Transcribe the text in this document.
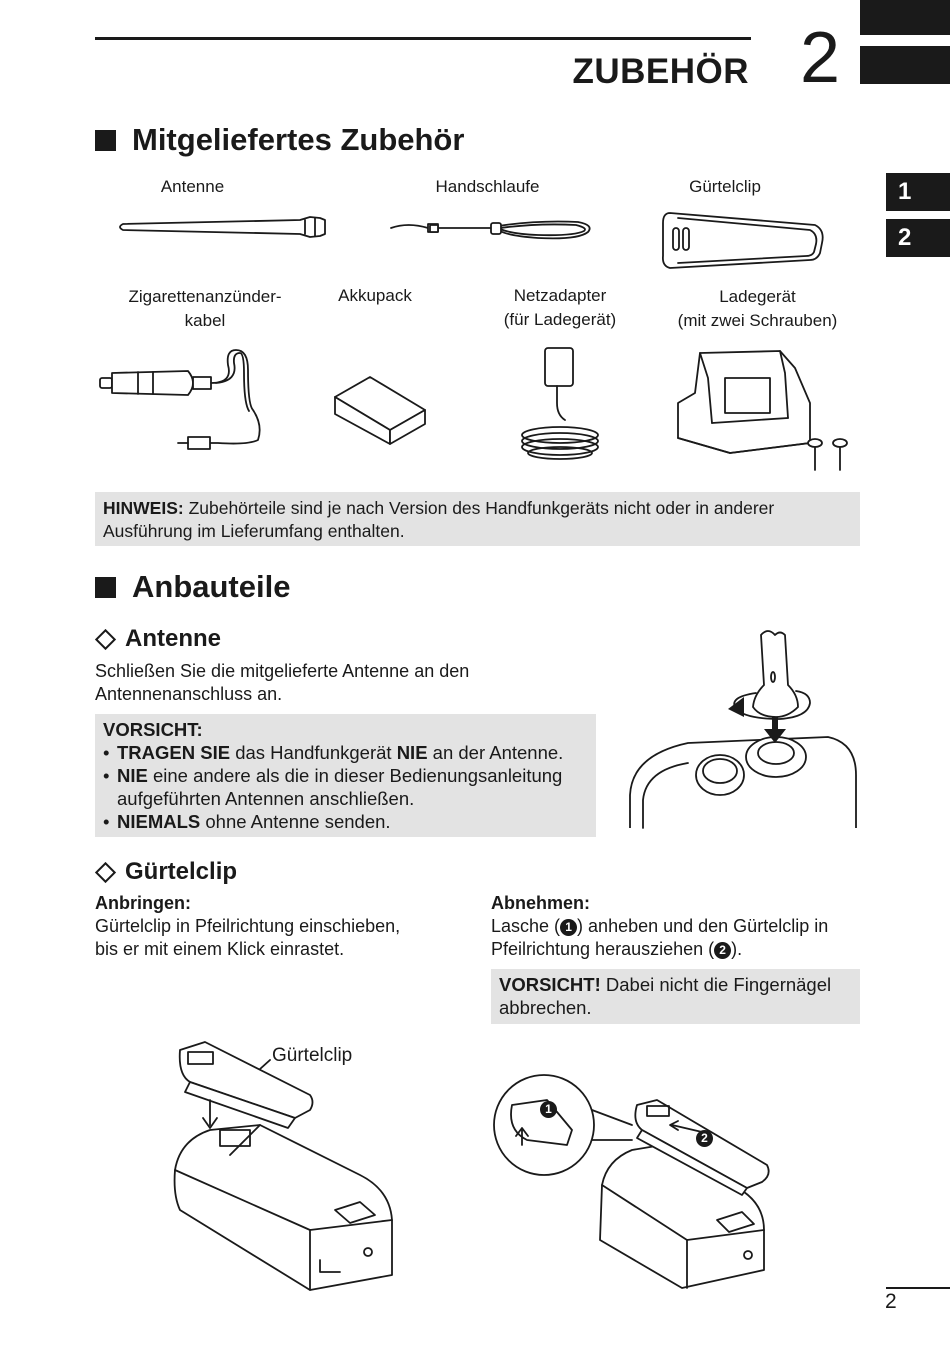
ZUBEHÖR 2
1
2
Mitgeliefertes Zubehör
Antenne	Handschlaufe	Gürtelclip
Zigarettenanzünder-
kabel
Akkupack	Netzadapter
(für Ladegerät)
Ladegerät
(mit zwei Schrauben)
HINWEIS: Zubehörteile sind je nach Version des Handfunkgeräts nicht oder in anderer Ausführung im Lieferumfang enthalten.
Anbauteile
Antenne
Schließen Sie die mitgelieferte Antenne an den
Antennenanschluss an.
VORSICHT:
• TRAGEN SIE das Handfunkgerät NIE an der Antenne.
• NIE eine andere als die in dieser Bedienungsanleitung
aufgeführten Antennen anschließen.
• NIEMALS ohne Antenne senden.
Gürtelclip
Anbringen:
Gürtelclip in Pfeilrichtung einschieben,
bis er mit einem Klick einrastet.
Abnehmen:
Lasche ( 1 ) anheben und den Gürtelclip in
Pfeilrichtung herausziehen ( 2 ).
VORSICHT! Dabei nicht die Fingernägel
abbrechen.
Gürtelclip
1
2
2
